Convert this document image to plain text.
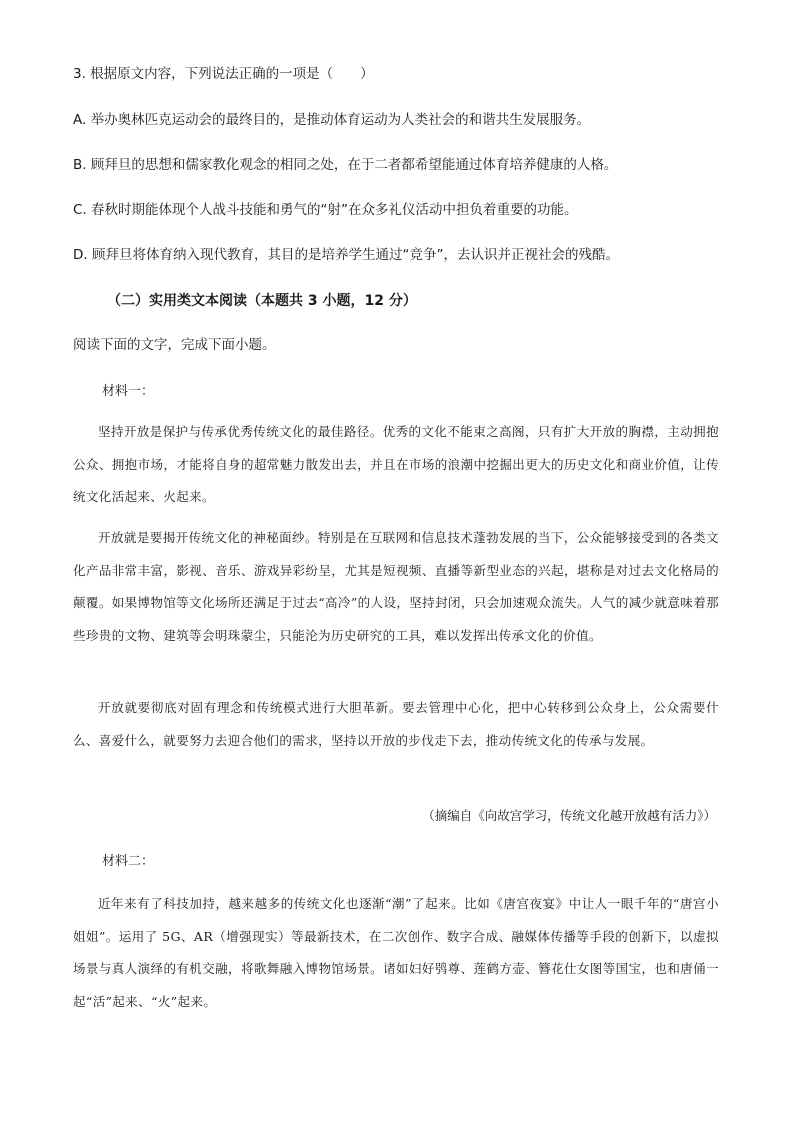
3. 根据原文内容，下列说法正确的一项是（　　）
A. 举办奥林匹克运动会的最终目的，是推动体育运动为人类社会的和谐共生发展服务。
B. 顾拜旦的思想和儒家教化观念的相同之处，在于二者都希望能通过体育培养健康的人格。
C. 春秋时期能体现个人战斗技能和勇气的“射”在众多礼仪活动中担负着重要的功能。
D. 顾拜旦将体育纳入现代教育，其目的是培养学生通过“竞争”，去认识并正视社会的残酷。
（二）实用类文本阅读（本题共 3 小题，12 分）
阅读下面的文字，完成下面小题。
材料一：
坚持开放是保护与传承优秀传统文化的最佳路径。优秀的文化不能束之高阁，只有扩大开放的胸襟，主动拥抱公众、拥抱市场，才能将自身的超常魅力散发出去，并且在市场的浪潮中挖掘出更大的历史文化和商业价值，让传统文化活起来、火起来。
开放就是要揭开传统文化的神秘面纱。特别是在互联网和信息技术蓬勃发展的当下，公众能够接受到的各类文化产品非常丰富，影视、音乐、游戏异彩纷呈，尤其是短视频、直播等新型业态的兴起，堪称是对过去文化格局的颠覆。如果博物馆等文化场所还满足于过去“高冷”的人设，坚持封闭，只会加速观众流失。人气的减少就意味着那些珍贵的文物、建筑等会明珠蒙尘，只能沦为历史研究的工具，难以发挥出传承文化的价值。
开放就要彻底对固有理念和传统模式进行大胆革新。要去管理中心化，把中心转移到公众身上，公众需要什么、喜爱什么，就要努力去迎合他们的需求，坚持以开放的步伐走下去，推动传统文化的传承与发展。
（摘编自《向故宫学习，传统文化越开放越有活力》）
材料二：
近年来有了科技加持，越来越多的传统文化也逐渐“潮”了起来。比如《唐宫夜宴》中让人一眼千年的“唐宫小姐姐”。运用了 5G、AR（增强现实）等最新技术，在二次创作、数字合成、融媒体传播等手段的创新下，以虚拟场景与真人演绎的有机交融，将歌舞融入博物馆场景。诸如妇好鸮尊、莲鹤方壶、簪花仕女图等国宝，也和唐俑一起“活”起来、“火”起来。
